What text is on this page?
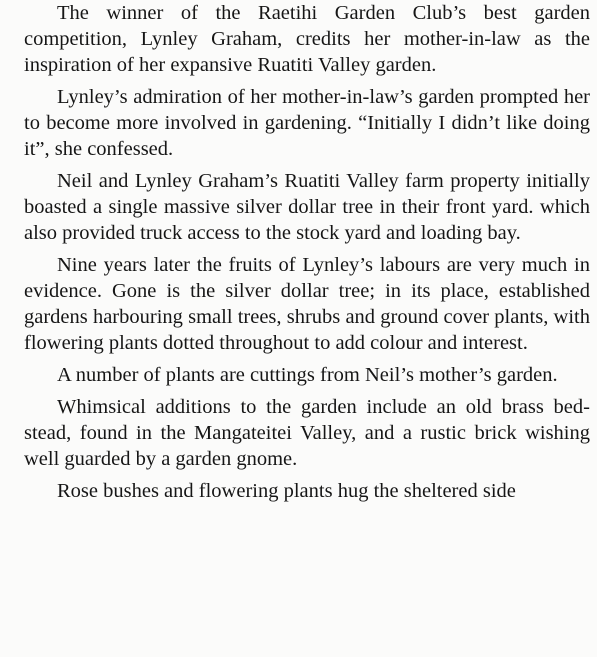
The winner of the Raetihi Garden Club’s best garden competition, Lynley Graham, credits her mother-in-law as the inspiration of her expansive Ruatiti Valley garden.

Lynley’s admiration of her mother-in-law’s garden prompted her to become more involved in gardening. “Initially I didn’t like doing it”, she confessed.

Neil and Lynley Graham’s Ruatiti Valley farm property initially boasted a single massive silver dollar tree in their front yard. which also provided truck access to the stock yard and loading bay.

Nine years later the fruits of Lynley’s labours are very much in evidence. Gone is the silver dollar tree; in its place, established gardens harbouring small trees, shrubs and ground cover plants, with flowering plants dotted throughout to add colour and interest.

A number of plants are cuttings from Neil’s mother’s garden.

Whimsical additions to the garden include an old brass bed-stead, found in the Mangateitei Valley, and a rustic brick wishing well guarded by a garden gnome.

Rose bushes and flowering plants hug the sheltered side
